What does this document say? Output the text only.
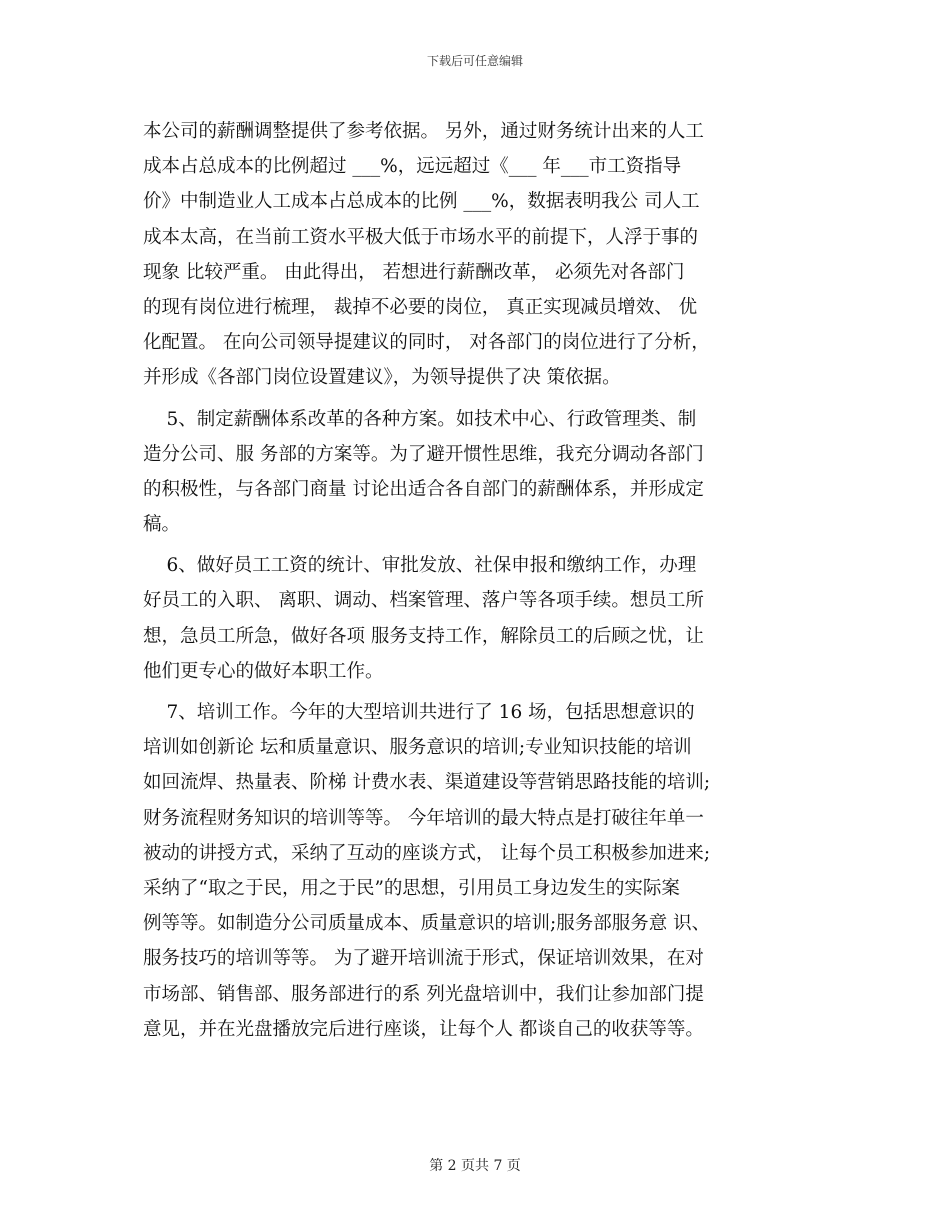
下载后可任意编辑
本公司的薪酬调整提供了参考依据。 另外，通过财务统计出来的人工
成本占总成本的比例超过 ___%，远远超过《___ 年___市工资指导
价》中制造业人工成本占总成本的比例 ___%，数据表明我公 司人工
成本太高，在当前工资水平极大低于市场水平的前提下，人浮于事的
现象 比较严重。 由此得出， 若想进行薪酬改革， 必须先对各部门
的现有岗位进行梳理， 裁掉不必要的岗位， 真正实现减员增效、 优
化配置。 在向公司领导提建议的同时， 对各部门的岗位进行了分析，
并形成《各部门岗位设置建议》，为领导提供了决 策依据。
5、制定薪酬体系改革的各种方案。如技术中心、行政管理类、制
造分公司、服 务部的方案等。为了避开惯性思维，我充分调动各部门
的积极性，与各部门商量 讨论出适合各自部门的薪酬体系，并形成定
稿。
6、做好员工工资的统计、审批发放、社保申报和缴纳工作，办理
好员工的入职、 离职、调动、档案管理、落户等各项手续。想员工所
想，急员工所急，做好各项 服务支持工作，解除员工的后顾之忧，让
他们更专心的做好本职工作。
7、培训工作。今年的大型培训共进行了 16 场，包括思想意识的
培训如创新论 坛和质量意识、服务意识的培训;专业知识技能的培训
如回流焊、热量表、阶梯 计费水表、渠道建设等营销思路技能的培训;
财务流程财务知识的培训等等。 今年培训的最大特点是打破往年单一
被动的讲授方式，采纳了互动的座谈方式， 让每个员工积极参加进来;
采纳了“取之于民，用之于民”的思想，引用员工身边发生的实际案
例等等。如制造分公司质量成本、质量意识的培训;服务部服务意 识、
服务技巧的培训等等。 为了避开培训流于形式，保证培训效果，在对
市场部、销售部、服务部进行的系 列光盘培训中，我们让参加部门提
意见，并在光盘播放完后进行座谈，让每个人 都谈自己的收获等等。
第 2 页共 7 页
